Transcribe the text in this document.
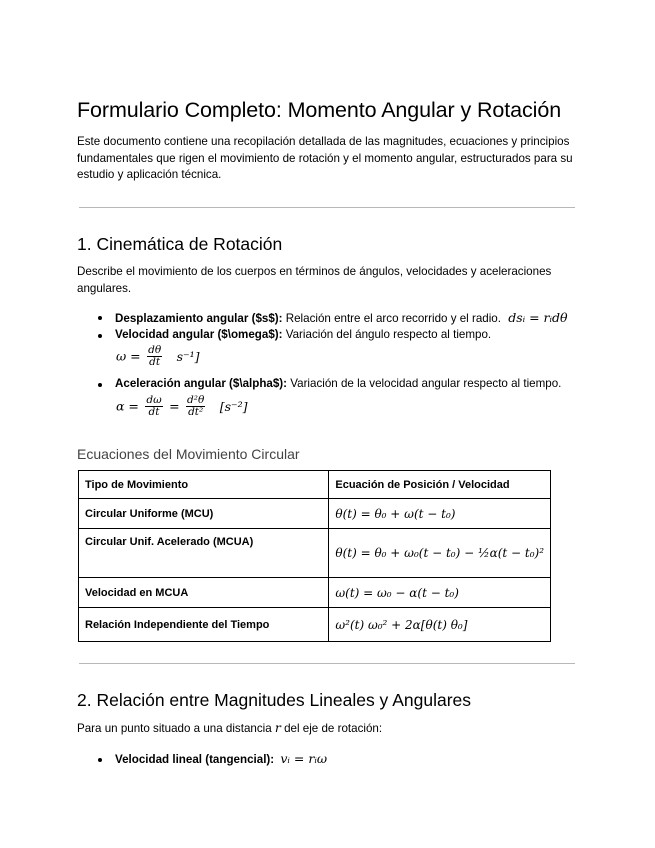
Formulario Completo: Momento Angular y Rotación

Este documento contiene una recopilación detallada de las magnitudes, ecuaciones y principios fundamentales que rigen el movimiento de rotación y el momento angular, estructurados para su estudio y aplicación técnica.

1. Cinemática de Rotación

Describe el movimiento de los cuerpos en términos de ángulos, velocidades y aceleraciones angulares.

Desplazamiento angular ($s$): Relación entre el arco recorrido y el radio. dsᵢ = rᵢdθ
Velocidad angular ($\omega$): Variación del ángulo respecto al tiempo.
$\omega = \frac{d\theta}{dt} s^{-1}$]
Aceleración angular ($\alpha$): Variación de la velocidad angular respecto al tiempo.
$\alpha = \frac{d\omega}{dt} = \frac{\text{d²θ}}{\text{dt²}} [s^{-2}]$
Ecuaciones del Movimiento Circular
Tipo de Movimiento	Ecuación de Posición / Velocidad
Circular Uniforme (MCU)	θ(t) = θ₀ + ω(t − t₀)
Circular Unif. Acelerado (MCUA)	θ(t) = θ₀ + ω₀(t − t₀) − ½α(t − t₀)²
Velocidad en MCUA	ω(t) = ω₀ − α(t − t₀)
Relación Independiente del Tiempo	ω²(t) ω₀² + 2α[θ(t) θ₀]
2. Relación entre Magnitudes Lineales y Angulares

Para un punto situado a una distancia r del eje de rotación:

Velocidad lineal (tangencial): vᵢ = rᵢω
